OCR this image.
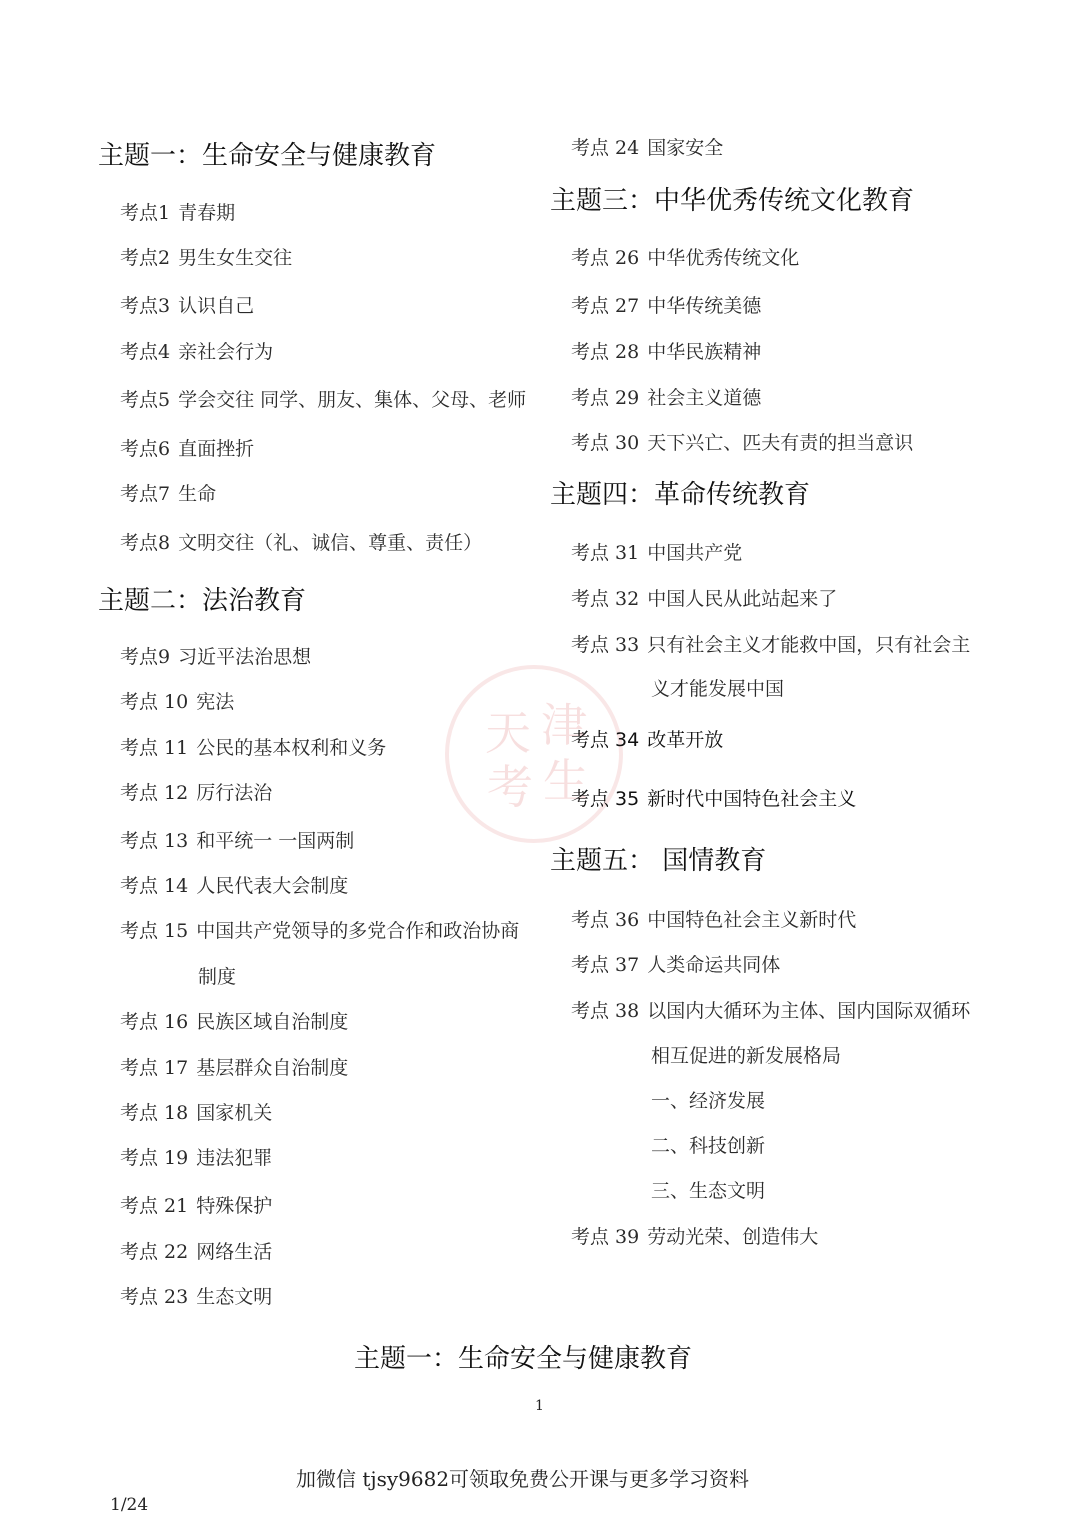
天 津
考 生
主题一：生命安全与健康教育
考点1 青春期
考点2 男生女生交往
考点3 认识自己
考点4 亲社会行为
考点5 学会交往 同学、朋友、集体、父母、老师
考点6 直面挫折
考点7 生命
考点8 文明交往（礼、诚信、尊重、责任）
主题二：法治教育
考点9 习近平法治思想
考点 10 宪法
考点 11 公民的基本权利和义务
考点 12 厉行法治
考点 13 和平统一 一国两制
考点 14 人民代表大会制度
考点 15 中国共产党领导的多党合作和政治协商
制度
考点 16 民族区域自治制度
考点 17 基层群众自治制度
考点 18 国家机关
考点 19 违法犯罪
考点 21 特殊保护
考点 22 网络生活
考点 23 生态文明
考点 24 国家安全
主题三：中华优秀传统文化教育
考点 26 中华优秀传统文化
考点 27 中华传统美德
考点 28 中华民族精神
考点 29 社会主义道德
考点 30 天下兴亡、匹夫有责的担当意识
主题四：革命传统教育
考点 31 中国共产党
考点 32 中国人民从此站起来了
考点 33 只有社会主义才能救中国，只有社会主
义才能发展中国
考点 34 改革开放
考点 35 新时代中国特色社会主义
主题五： 国情教育
考点 36 中国特色社会主义新时代
考点 37 人类命运共同体
考点 38 以国内大循环为主体、国内国际双循环
相互促进的新发展格局
一、经济发展
二、科技创新
三、生态文明
考点 39 劳动光荣、创造伟大
主题一：生命安全与健康教育
1
加微信 tjsy9682可领取免费公开课与更多学习资料
1/24
